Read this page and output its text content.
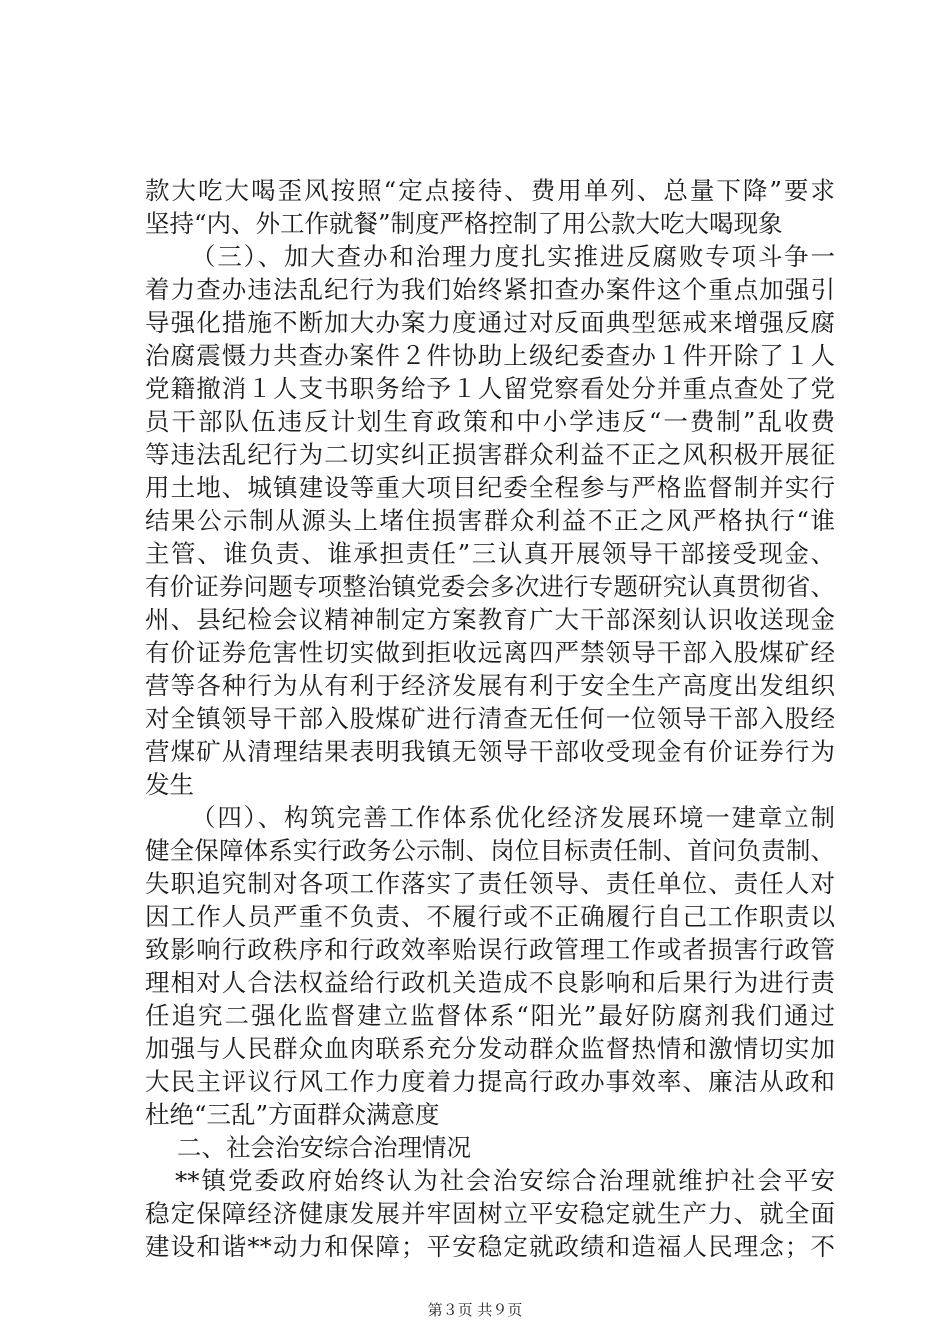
款大吃大喝歪风按照“定点接待、费用单列、总量下降”要求
坚持“内、外工作就餐”制度严格控制了用公款大吃大喝现象
（三）、加大查办和治理力度扎实推进反腐败专项斗争一
着力查办违法乱纪行为我们始终紧扣查办案件这个重点加强引
导强化措施不断加大办案力度通过对反面典型惩戒来增强反腐
治腐震慑力共查办案件２件协助上级纪委查办１件开除了１人
党籍撤消１人支书职务给予１人留党察看处分并重点查处了党
员干部队伍违反计划生育政策和中小学违反“一费制”乱收费
等违法乱纪行为二切实纠正损害群众利益不正之风积极开展征
用土地、城镇建设等重大项目纪委全程参与严格监督制并实行
结果公示制从源头上堵住损害群众利益不正之风严格执行“谁
主管、谁负责、谁承担责任”三认真开展领导干部接受现金、
有价证券问题专项整治镇党委会多次进行专题研究认真贯彻省、
州、县纪检会议精神制定方案教育广大干部深刻认识收送现金
有价证券危害性切实做到拒收远离四严禁领导干部入股煤矿经
营等各种行为从有利于经济发展有利于安全生产高度出发组织
对全镇领导干部入股煤矿进行清查无任何一位领导干部入股经
营煤矿从清理结果表明我镇无领导干部收受现金有价证券行为
发生
（四）、构筑完善工作体系优化经济发展环境一建章立制
健全保障体系实行政务公示制、岗位目标责任制、首问负责制、
失职追究制对各项工作落实了责任领导、责任单位、责任人对
因工作人员严重不负责、不履行或不正确履行自己工作职责以
致影响行政秩序和行政效率贻误行政管理工作或者损害行政管
理相对人合法权益给行政机关造成不良影响和后果行为进行责
任追究二强化监督建立监督体系“阳光”最好防腐剂我们通过
加强与人民群众血肉联系充分发动群众监督热情和激情切实加
大民主评议行风工作力度着力提高行政办事效率、廉洁从政和
杜绝“三乱”方面群众满意度
二、社会治安综合治理情况
**镇党委政府始终认为社会治安综合治理就维护社会平安
稳定保障经济健康发展并牢固树立平安稳定就生产力、就全面
建设和谐**动力和保障；平安稳定就政绩和造福人民理念；不
第３页 共９页
